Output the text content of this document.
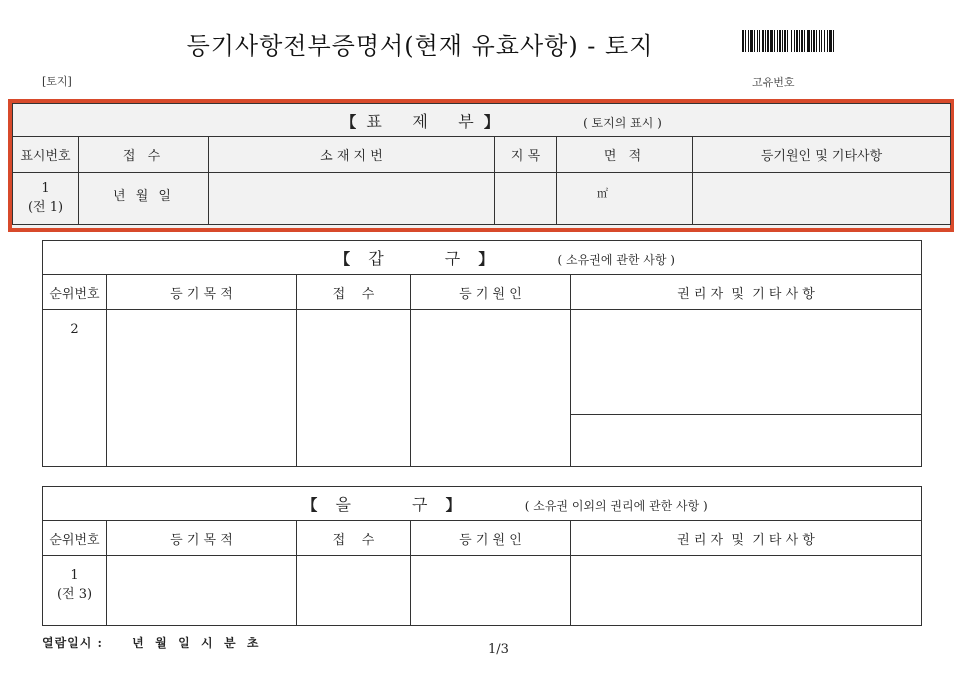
등기사항전부증명서(현재 유효사항) - 토지
[토지]	고유번호
【 표      제      부 】 ( 토지의 표시 )					
표시번호	접 수	소 재 지 번	지 목	면 적	등기원인 및 기타사항

1
(전 1)	년 월 일			㎡	
【 갑            구 】 ( 소유권에 관한 사항 )				
순위번호	등 기 목 적	접    수	등 기 원 인	권 리 자  및  기 타 사 항
2				

【 을            구 】 ( 소유권 이외의 권리에 관한 사항 )				
순위번호	등 기 목 적	접    수	등 기 원 인	권 리 자  및  기 타 사 항

1
(전 3)				

열람일시 : 년  월  일  시  분  초	1/3
